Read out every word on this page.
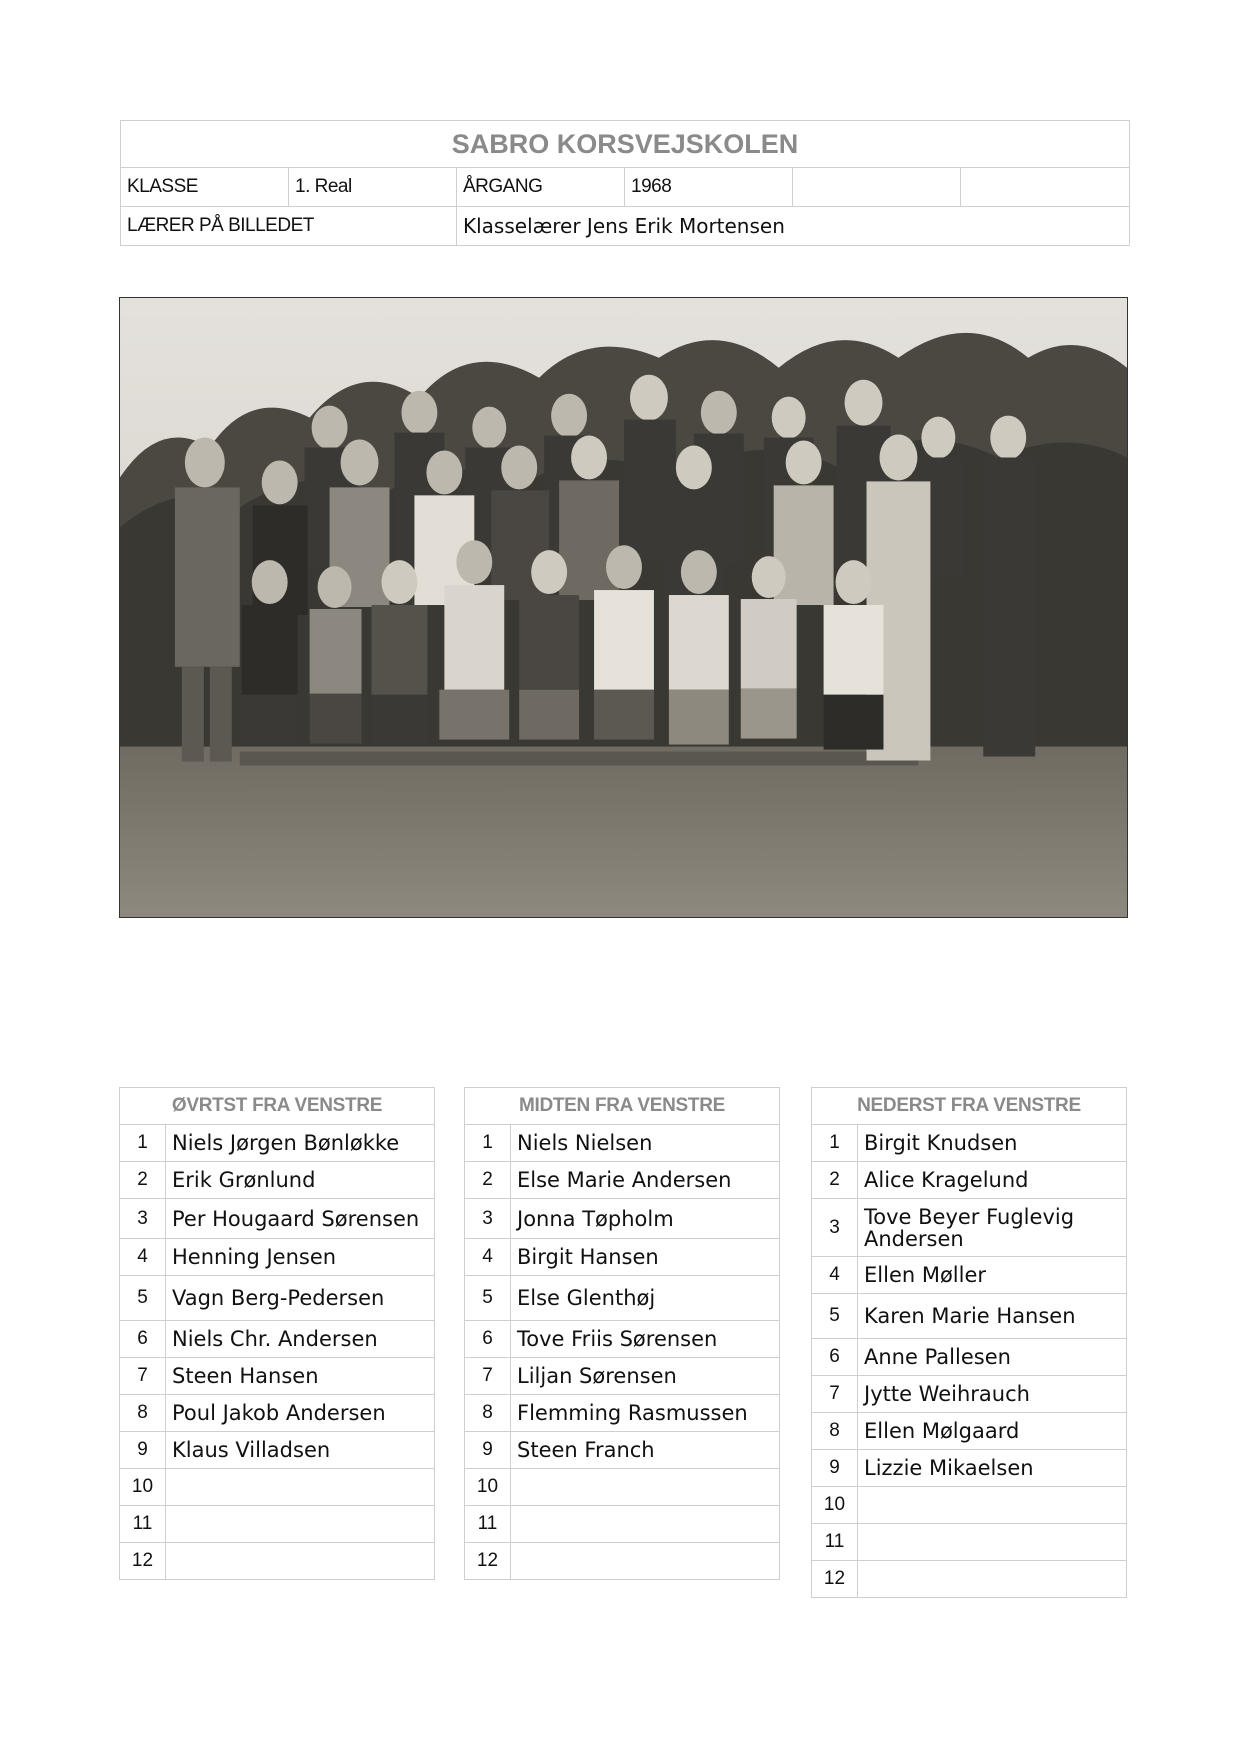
SABRO KORSVEJSKOLEN					
KLASSE	1. Real	ÅRGANG	1968		
LÆRER PÅ BILLEDET		Klasselærer Jens Erik Mortensen			
ØVRTST FRA VENSTRE	
1	Niels Jørgen Bønløkke
2	Erik Grønlund
3	Per Hougaard Sørensen
4	Henning Jensen
5	Vagn Berg-Pedersen
6	Niels Chr. Andersen
7	Steen Hansen
8	Poul Jakob Andersen
9	Klaus Villadsen
10	
11	
12	
MIDTEN FRA VENSTRE	
1	Niels Nielsen
2	Else Marie Andersen
3	Jonna Tøpholm
4	Birgit Hansen
5	Else Glenthøj
6	Tove Friis Sørensen
7	Liljan Sørensen
8	Flemming Rasmussen
9	Steen Franch
10	
11	
12	
NEDERST FRA VENSTRE	
1	Birgit Knudsen
2	Alice Kragelund
3	Tove Beyer Fuglevig Andersen
4	Ellen Møller
5	Karen Marie Hansen
6	Anne Pallesen
7	Jytte Weihrauch
8	Ellen Mølgaard
9	Lizzie Mikaelsen
10	
11	
12	
